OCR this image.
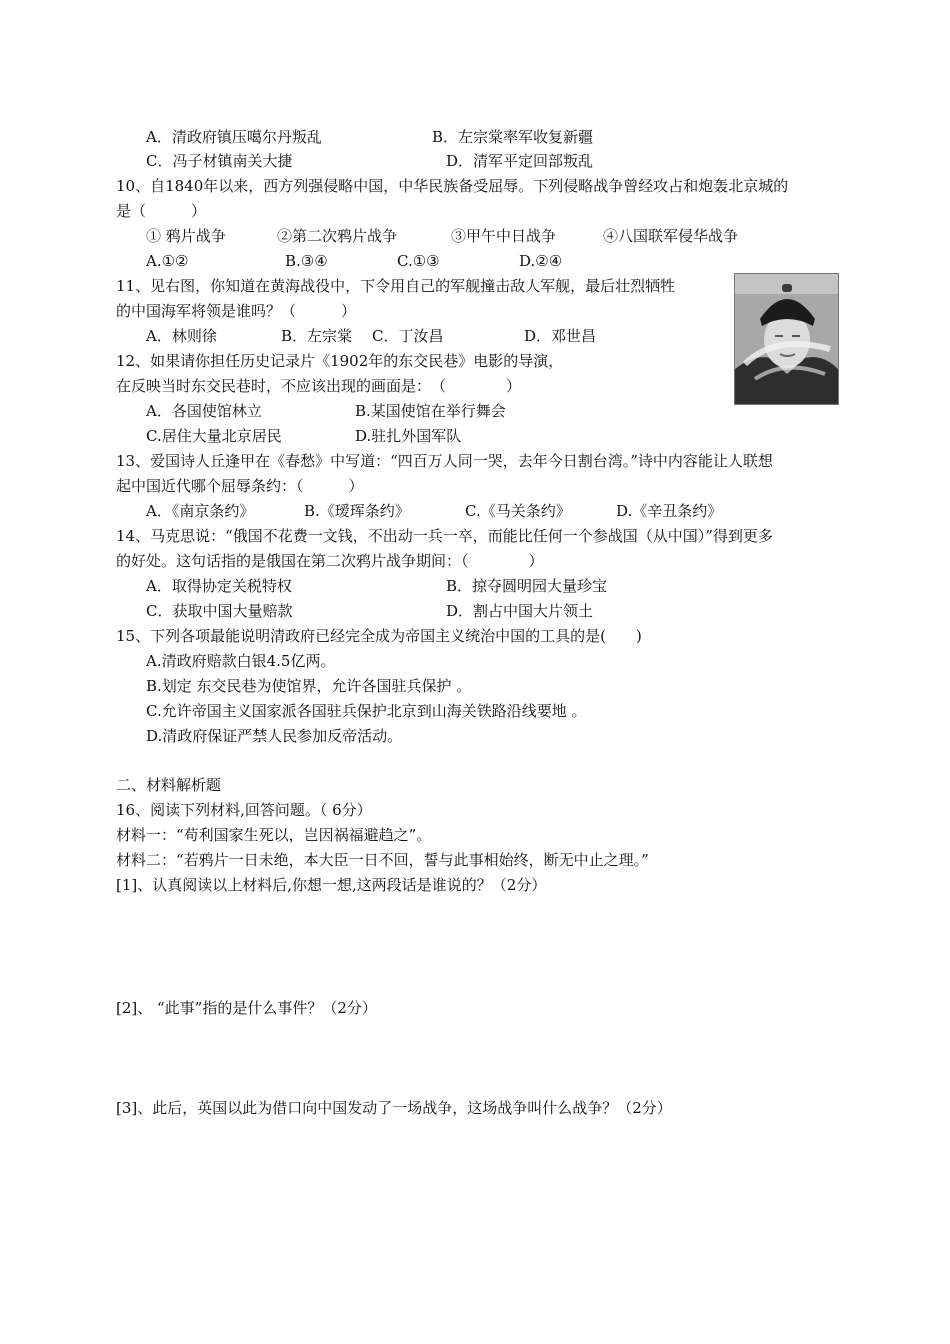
A．清政府镇压噶尔丹叛乱	B．左宗棠率军收复新疆
C．冯子材镇南关大捷	D．清军平定回部叛乱
10、自1840年以来，西方列强侵略中国，中华民族备受屈辱。下列侵略战争曾经攻占和炮轰北京城的
是（　　　）
① 鸦片战争	②第二次鸦片战争	③甲午中日战争	④八国联军侵华战争
A.①②	B.③④	C.①③	D.②④
11、见右图，你知道在黄海战役中，下令用自己的军舰撞击敌人军舰，最后壮烈牺牲
的中国海军将领是谁吗？（　　　）
A．林则徐	B．左宗棠 C．丁汝昌	D．邓世昌
12、如果请你担任历史记录片《1902年的东交民巷》电影的导演，
在反映当时东交民巷时，不应该出现的画面是：　（　　　　）
A．各国使馆林立	B.某国使馆在举行舞会
C.居住大量北京居民	D.驻扎外国军队
13、爱国诗人丘逢甲在《春愁》中写道：“四百万人同一哭，去年今日割台湾。”诗中内容能让人联想
起中国近代哪个屈辱条约：（　　　）
A．《南京条约》	B.《瑷珲条约》	C.《马关条约》	D.《辛丑条约》
14、马克思说：“俄国不花费一文钱，不出动一兵一卒，而能比任何一个参战国（从中国）”得到更多
的好处。这句话指的是俄国在第二次鸦片战争期间：（　　　　）
A．取得协定关税特权	B．掠夺圆明园大量珍宝
C．获取中国大量赔款	D．割占中国大片领土
15、下列各项最能说明清政府已经完全成为帝国主义统治中国的工具的是(　　)
A.清政府赔款白银4.5亿两。
B.划定 东交民巷为使馆界，允许各国驻兵保护 。
C.允许帝国主义国家派各国驻兵保护北京到山海关铁路沿线要地 。
D.清政府保证严禁人民参加反帝活动。
二、材料解析题
16、阅读下列材料,回答问题。（ 6分）
材料一：“苟利国家生死以，岂因祸福避趋之”。
材料二：“若鸦片一日未绝，本大臣一日不回，誓与此事相始终，断无中止之理。”
[1]、认真阅读以上材料后,你想一想,这两段话是谁说的？（2分）
[2]、 “此事”指的是什么事件？（2分）
[3]、此后，英国以此为借口向中国发动了一场战争，这场战争叫什么战争？（2分）
